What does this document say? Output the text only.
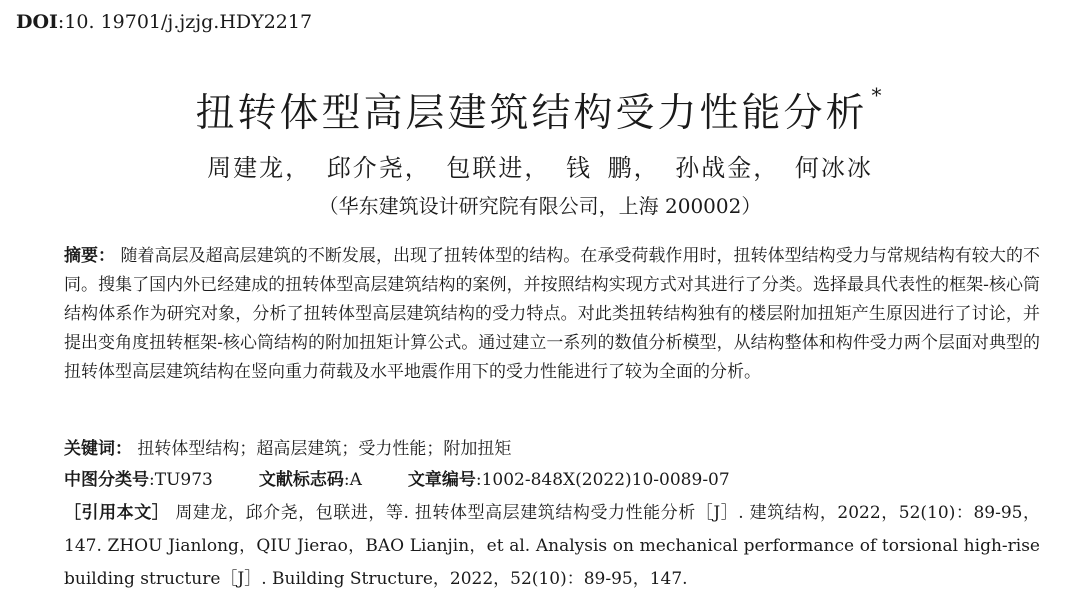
DOI:10. 19701/j.jzjg.HDY2217
扭转体型高层建筑结构受力性能分析 *
周建龙， 邱介尧， 包联进， 钱 鹏， 孙战金， 何冰冰
（华东建筑设计研究院有限公司，上海 200002）
摘要： 随着高层及超高层建筑的不断发展，出现了扭转体型的结构。在承受荷载作用时，扭转体型结构受力与常规结构有较大的不同。搜集了国内外已经建成的扭转体型高层建筑结构的案例，并按照结构实现方式对其进行了分类。选择最具代表性的框架-核心筒结构体系作为研究对象，分析了扭转体型高层建筑结构的受力特点。对此类扭转结构独有的楼层附加扭矩产生原因进行了讨论，并提出变角度扭转框架-核心筒结构的附加扭矩计算公式。通过建立一系列的数值分析模型，从结构整体和构件受力两个层面对典型的扭转体型高层建筑结构在竖向重力荷载及水平地震作用下的受力性能进行了较为全面的分析。
关键词： 扭转体型结构；超高层建筑；受力性能；附加扭矩
中图分类号:TU973	文献标志码:A	文章编号:1002-848X(2022)10-0089-07
［引用本文］ 周建龙，邱介尧，包联进，等. 扭转体型高层建筑结构受力性能分析［J］. 建筑结构，2022，52(10)：89-95，147. ZHOU Jianlong，QIU Jierao，BAO Lianjin，et al. Analysis on mechanical performance of torsional high-rise building structure［J］. Building Structure，2022，52(10)：89-95，147.
